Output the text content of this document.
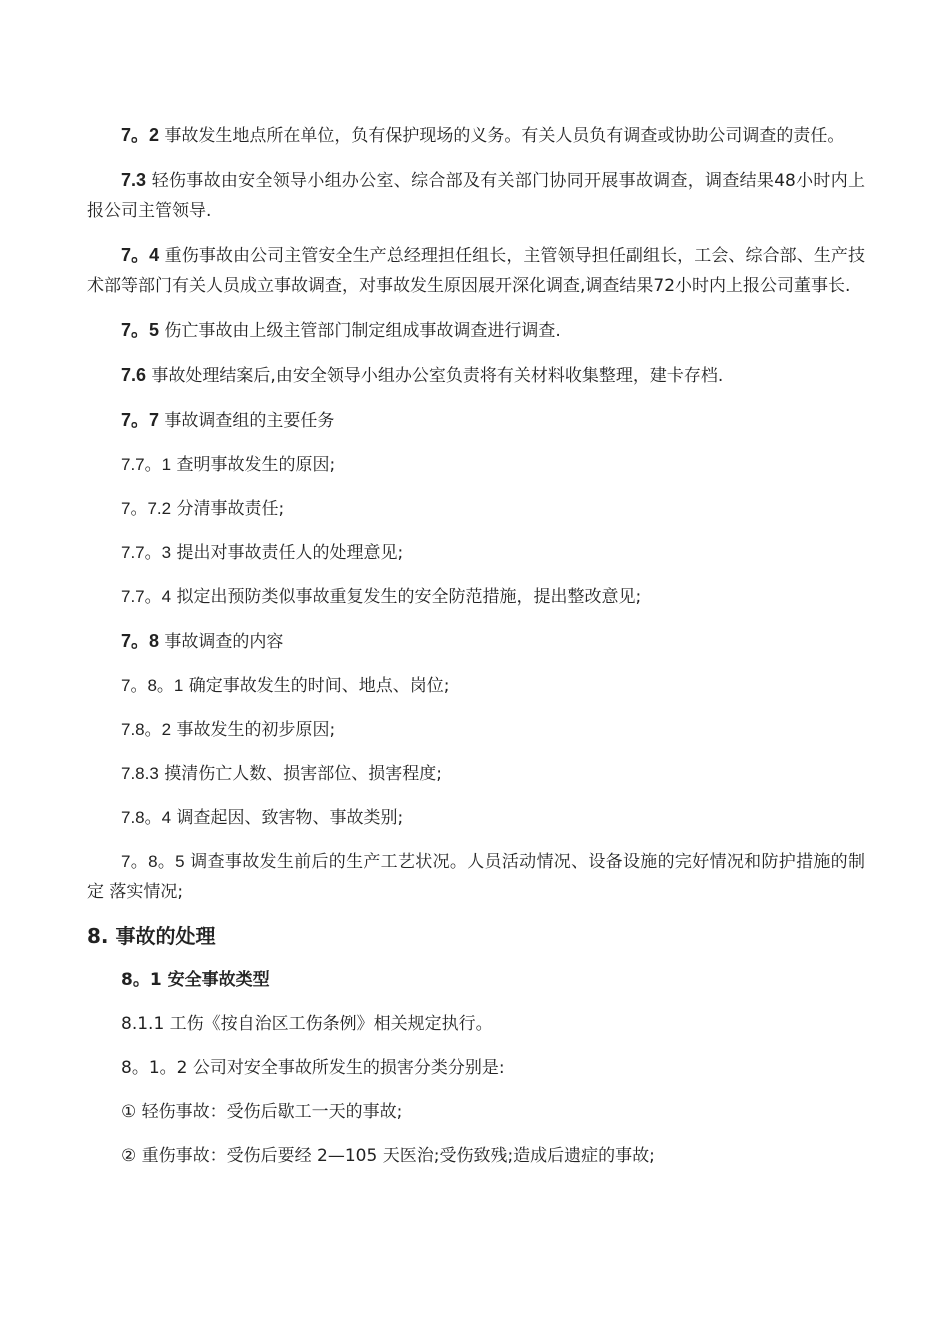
7。2 事故发生地点所在单位，负有保护现场的义务。有关人员负有调查或协助公司调查的责任。
7.3 轻伤事故由安全领导小组办公室、综合部及有关部门协同开展事故调查，调查结果48小时内上报公司主管领导.
7。4 重伤事故由公司主管安全生产总经理担任组长，主管领导担任副组长，工会、综合部、生产技术部等部门有关人员成立事故调查，对事故发生原因展开深化调查,调查结果72小时内上报公司董事长.
7。5 伤亡事故由上级主管部门制定组成事故调查进行调查.
7.6 事故处理结案后,由安全领导小组办公室负责将有关材料收集整理，建卡存档.
7。7 事故调查组的主要任务
7.7。1 查明事故发生的原因;
7。7.2 分清事故责任;
7.7。3 提出对事故责任人的处理意见;
7.7。4 拟定出预防类似事故重复发生的安全防范措施，提出整改意见;
7。8 事故调查的内容
7。8。1 确定事故发生的时间、地点、岗位;
7.8。2 事故发生的初步原因;
7.8.3 摸清伤亡人数、损害部位、损害程度;
7.8。4 调查起因、致害物、事故类别;
7。8。5 调查事故发生前后的生产工艺状况。人员活动情况、设备设施的完好情况和防护措施的制定 落实情况;
8. 事故的处理
8。1 安全事故类型
8.1.1 工伤《按自治区工伤条例》相关规定执行。
8。1。2 公司对安全事故所发生的损害分类分别是:
① 轻伤事故：受伤后歇工一天的事故;
② 重伤事故：受伤后要经 2—105 天医治;受伤致残;造成后遗症的事故;
